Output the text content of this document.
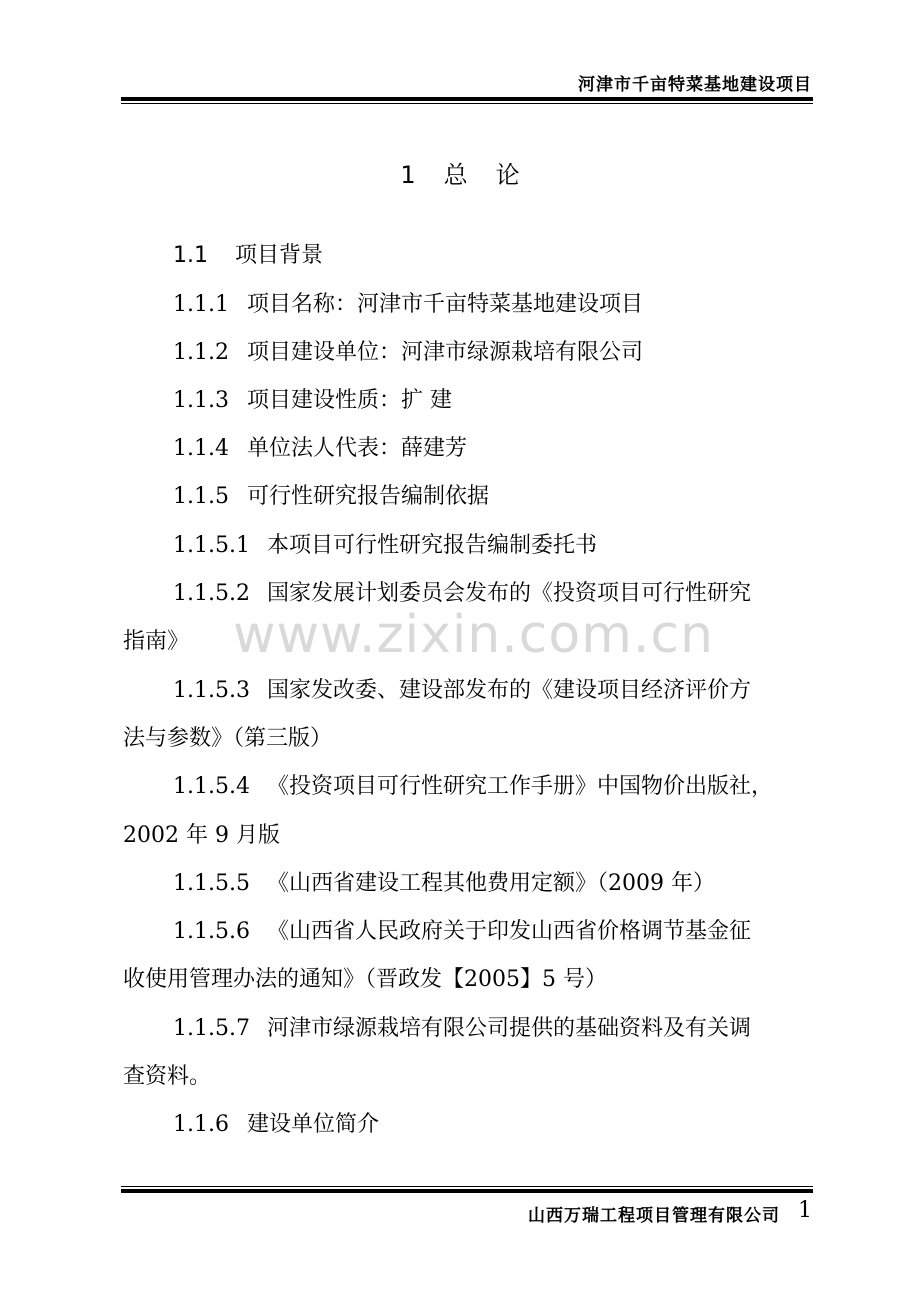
河津市千亩特菜基地建设项目
1 总 论
1.1 项目背景
1.1.1 项目名称：河津市千亩特菜基地建设项目
1.1.2 项目建设单位：河津市绿源栽培有限公司
1.1.3 项目建设性质：扩 建
1.1.4 单位法人代表：薛建芳
1.1.5 可行性研究报告编制依据
1.1.5.1 本项目可行性研究报告编制委托书
1.1.5.2 国家发展计划委员会发布的《投资项目可行性研究
指南》
1.1.5.3 国家发改委、建设部发布的《建设项目经济评价方
法与参数》（第三版）
1.1.5.4 《投资项目可行性研究工作手册》中国物价出版社，
2002 年 9 月版
1.1.5.5 《山西省建设工程其他费用定额》（2009 年）
1.1.5.6 《山西省人民政府关于印发山西省价格调节基金征
收使用管理办法的通知》（晋政发【2005】5 号）
1.1.5.7 河津市绿源栽培有限公司提供的基础资料及有关调
查资料。
1.1.6 建设单位简介
www.zixin.com.cn
山西万瑞工程项目管理有限公司 1
